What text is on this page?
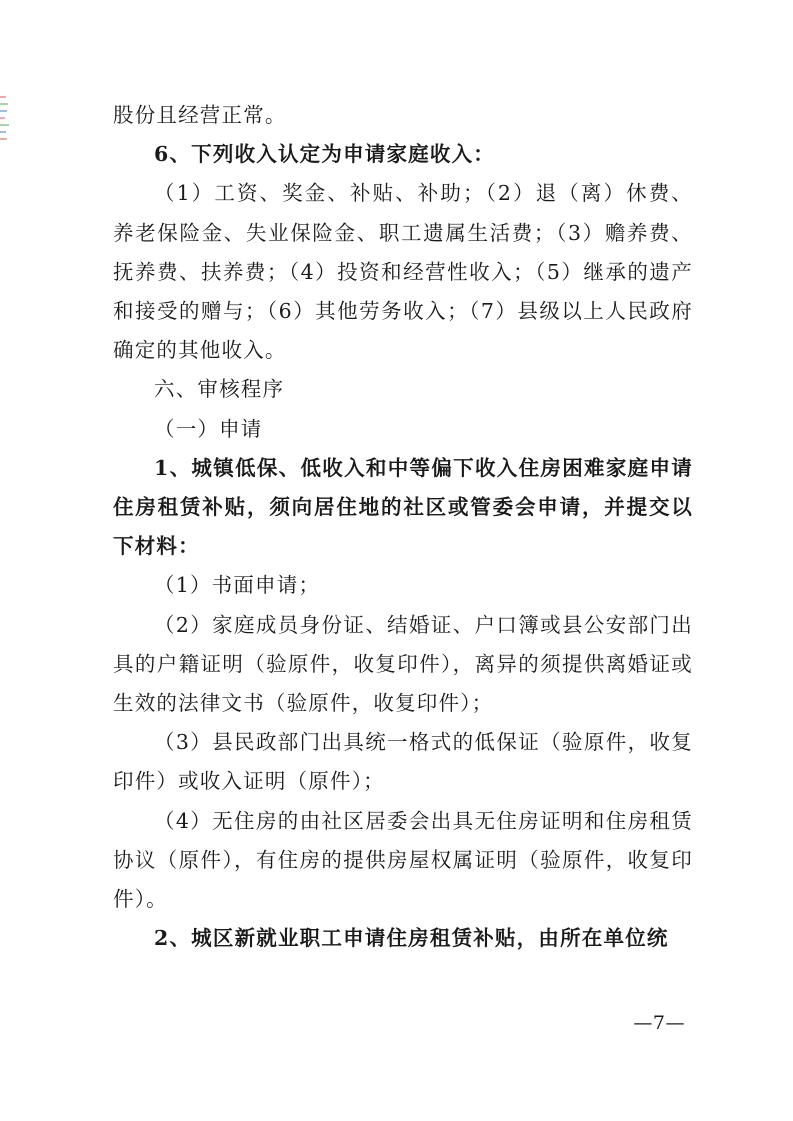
股份且经营正常。

6、下列收入认定为申请家庭收入：

（1）工资、奖金、补贴、补助；（2）退（离）休费、养老保险金、失业保险金、职工遗属生活费；（3）赡养费、抚养费、扶养费；（4）投资和经营性收入；（5）继承的遗产和接受的赠与；（6）其他劳务收入；（7）县级以上人民政府确定的其他收入。

六、审核程序

（一）申请

1、城镇低保、低收入和中等偏下收入住房困难家庭申请住房租赁补贴，须向居住地的社区或管委会申请，并提交以下材料：

（1）书面申请；

（2）家庭成员身份证、结婚证、户口簿或县公安部门出具的户籍证明（验原件，收复印件），离异的须提供离婚证或生效的法律文书（验原件，收复印件）；

（3）县民政部门出具统一格式的低保证（验原件，收复印件）或收入证明（原件）；

（4）无住房的由社区居委会出具无住房证明和住房租赁协议（原件），有住房的提供房屋权属证明（验原件，收复印件）。

2、城区新就业职工申请住房租赁补贴，由所在单位统

—7—
